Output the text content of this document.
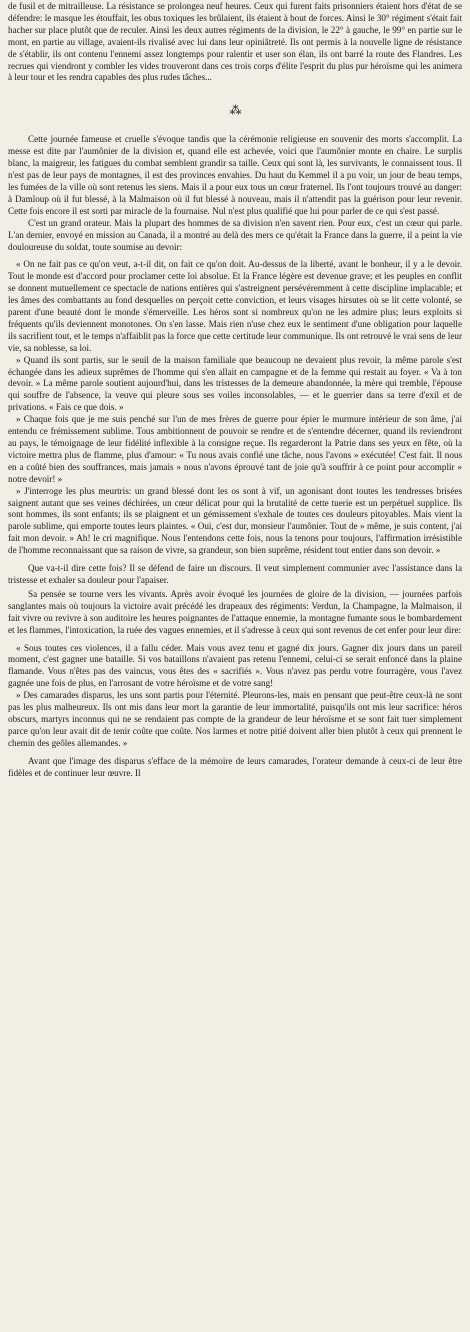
de fusil et de mitrailleuse. La résistance se prolongea neuf heures. Ceux qui furent faits prisonniers étaient hors d'état de se défendre: le masque les étouffait, les obus toxiques les brûlaient, ils étaient à bout de forces. Ainsi le 30° régiment s'était fait hacher sur place plutôt que de reculer. Ainsi les deux autres régiments de la division, le 22° à gauche, le 99° en partie sur le mont, en partie au village, avaient-ils rivalisé avec lui dans leur opiniâtreté. Ils ont permis à la nouvelle ligne de résistance de s'établir, ils ont contenu l'ennemi assez longtemps pour ralentir et user son élan, ils ont barré la route des Flandres. Les recrues qui viendront y combler les vides trouveront dans ces trois corps d'élite l'esprit du plus pur héroïsme qui les animera à leur tour et les rendra capables des plus rudes tâches...

⁂

Cette journée fameuse et cruelle s'évoque tandis que la cérémonie religieuse en souvenir des morts s'accomplit. La messe est dite par l'aumônier de la division et, quand elle est achevée, voici que l'aumônier monte en chaire. Le surplis blanc, la maigreur, les fatigues du combat semblent grandir sa taille. Ceux qui sont là, les survivants, le connaissent tous. Il n'est pas de leur pays de montagnes, il est des provinces envahies. Du haut du Kemmel il a pu voir, un jour de beau temps, les fumées de la ville où sont retenus les siens. Mais il a pour eux tous un cœur fraternel. Ils l'ont toujours trouvé au danger: à Damloup où il fut blessé, à la Malmaison où il fut blessé à nouveau, mais il n'attendit pas la guérison pour leur revenir. Cette fois encore il est sorti par miracle de la fournaise. Nul n'est plus qualifié que lui pour parler de ce qui s'est passé.

C'est un grand orateur. Mais la plupart des hommes de sa division n'en savent rien. Pour eux, c'est un cœur qui parle. L'an dernier, envoyé en mission au Canada, il a montré au delà des mers ce qu'était la France dans la guerre, il a peint la vie douloureuse du soldat, toute soumise au devoir:

« On ne fait pas ce qu'on veut, a-t-il dit, on fait ce qu'on doit. Au-dessus de la liberté, avant le bonheur, il y a le devoir. Tout le monde est d'accord pour proclamer cette loi absolue. Et la France légère est devenue grave; et les peuples en conflit se donnent mutuellement ce spectacle de nations entières qui s'astreignent persévéremment à cette discipline implacable; et les âmes des combattants au fond desquelles on perçoit cette conviction, et leurs visages hirsutes où se lit cette volonté, se parent d'une beauté dont le monde s'émerveille. Les héros sont si nombreux qu'on ne les admire plus; leurs exploits si fréquents qu'ils deviennent monotones. On s'en lasse. Mais rien n'use chez eux le sentiment d'une obligation pour laquelle ils sacrifient tout, et le temps n'affaiblit pas la force que cette certitude leur communique. Ils ont retrouvé le vrai sens de leur vie, sa noblesse, sa loi.

» Quand ils sont partis, sur le seuil de la maison familiale que beaucoup ne devaient plus revoir, la même parole s'est échangée dans les adieux suprêmes de l'homme qui s'en allait en campagne et de la femme qui restait au foyer. « Va à ton devoir. » La même parole soutient aujourd'hui, dans les tristesses de la demeure abandonnée, la mère qui tremble, l'épouse qui souffre de l'absence, la veuve qui pleure sous ses voiles inconsolables, — et le guerrier dans sa terre d'exil et de privations. « Fais ce que dois. »

» Chaque fois que je me suis penché sur l'un de mes frères de guerre pour épier le murmure intérieur de son âme, j'ai entendu ce frémissement sublime. Tous ambitionnent de pouvoir se rendre et de s'entendre décerner, quand ils reviendront au pays, le témoignage de leur fidélité inflexible à la consigne reçue. Ils regarderont la Patrie dans ses yeux en fête, où la victoire mettra plus de flamme, plus d'amour: « Tu nous avais confié une tâche, nous l'avons » exécutée! C'est fait. Il nous en a coûté bien des souffrances, mais jamais » nous n'avons éprouvé tant de joie qu'à souffrir à ce point pour accomplir » notre devoir! »

» J'interroge les plus meurtris: un grand blessé dont les os sont à vif, un agonisant dont toutes les tendresses brisées saignent autant que ses veines déchirées, un cœur délicat pour qui la brutalité de cette tuerie est un perpétuel supplice. Ils sont hommes, ils sont enfants; ils se plaignent et un gémissement s'exhale de toutes ces douleurs pitoyables. Mais vient la parole sublime, qui emporte toutes leurs plaintes. « Oui, c'est dur, monsieur l'aumônier. Tout de » même, je suis content, j'ai fait mon devoir. » Ah! le cri magnifique. Nous l'entendons cette fois, nous la tenons pour toujours, l'affirmation irrésistible de l'homme reconnaissant que sa raison de vivre, sa grandeur, son bien suprême, résident tout entier dans son devoir. »

Que va-t-il dire cette fois? Il se défend de faire un discours. Il veut simplement communier avec l'assistance dans la tristesse et exhaler sa douleur pour l'apaiser.

Sa pensée se tourne vers les vivants. Après avoir évoqué les journées de gloire de la division, — journées parfois sanglantes mais où toujours la victoire avait précédé les drapeaux des régiments: Verdun, la Champagne, la Malmaison, il fait vivre ou revivre à son auditoire les heures poignantes de l'attaque ennemie, la montagne fumante sous le bombardement et les flammes, l'intoxication, la ruée des vagues ennemies, et il s'adresse à ceux qui sont revenus de cet enfer pour leur dire:

« Sous toutes ces violences, il a fallu céder. Mais vous avez tenu et gagné dix jours. Gagner dix jours dans un pareil moment, c'est gagner une bataille. Si vos bataillons n'avaient pas retenu l'ennemi, celui-ci se serait enfoncé dans la plaine flamande. Vous n'êtes pas des vaincus, vous êtes des « sacrifiés ». Vous n'avez pas perdu votre fourragère, vous l'avez gagnée une fois de plus, en l'arrosant de votre héroïsme et de votre sang!

» Des camarades disparus, les uns sont partis pour l'éternité. Pleurons-les, mais en pensant que peut-être ceux-là ne sont pas les plus malheureux. Ils ont mis dans leur mort la garantie de leur immortalité, puisqu'ils ont mis leur sacrifice: héros obscurs, martyrs inconnus qui ne se rendaient pas compte de la grandeur de leur héroïsme et se sont fait tuer simplement parce qu'on leur avait dit de tenir coûte que coûte. Nos larmes et notre pitié doivent aller bien plutôt à ceux qui prennent le chemin des geôles allemandes. »

Avant que l'image des disparus s'efface de la mémoire de leurs camarades, l'orateur demande à ceux-ci de leur être fidèles et de continuer leur œuvre. Il
